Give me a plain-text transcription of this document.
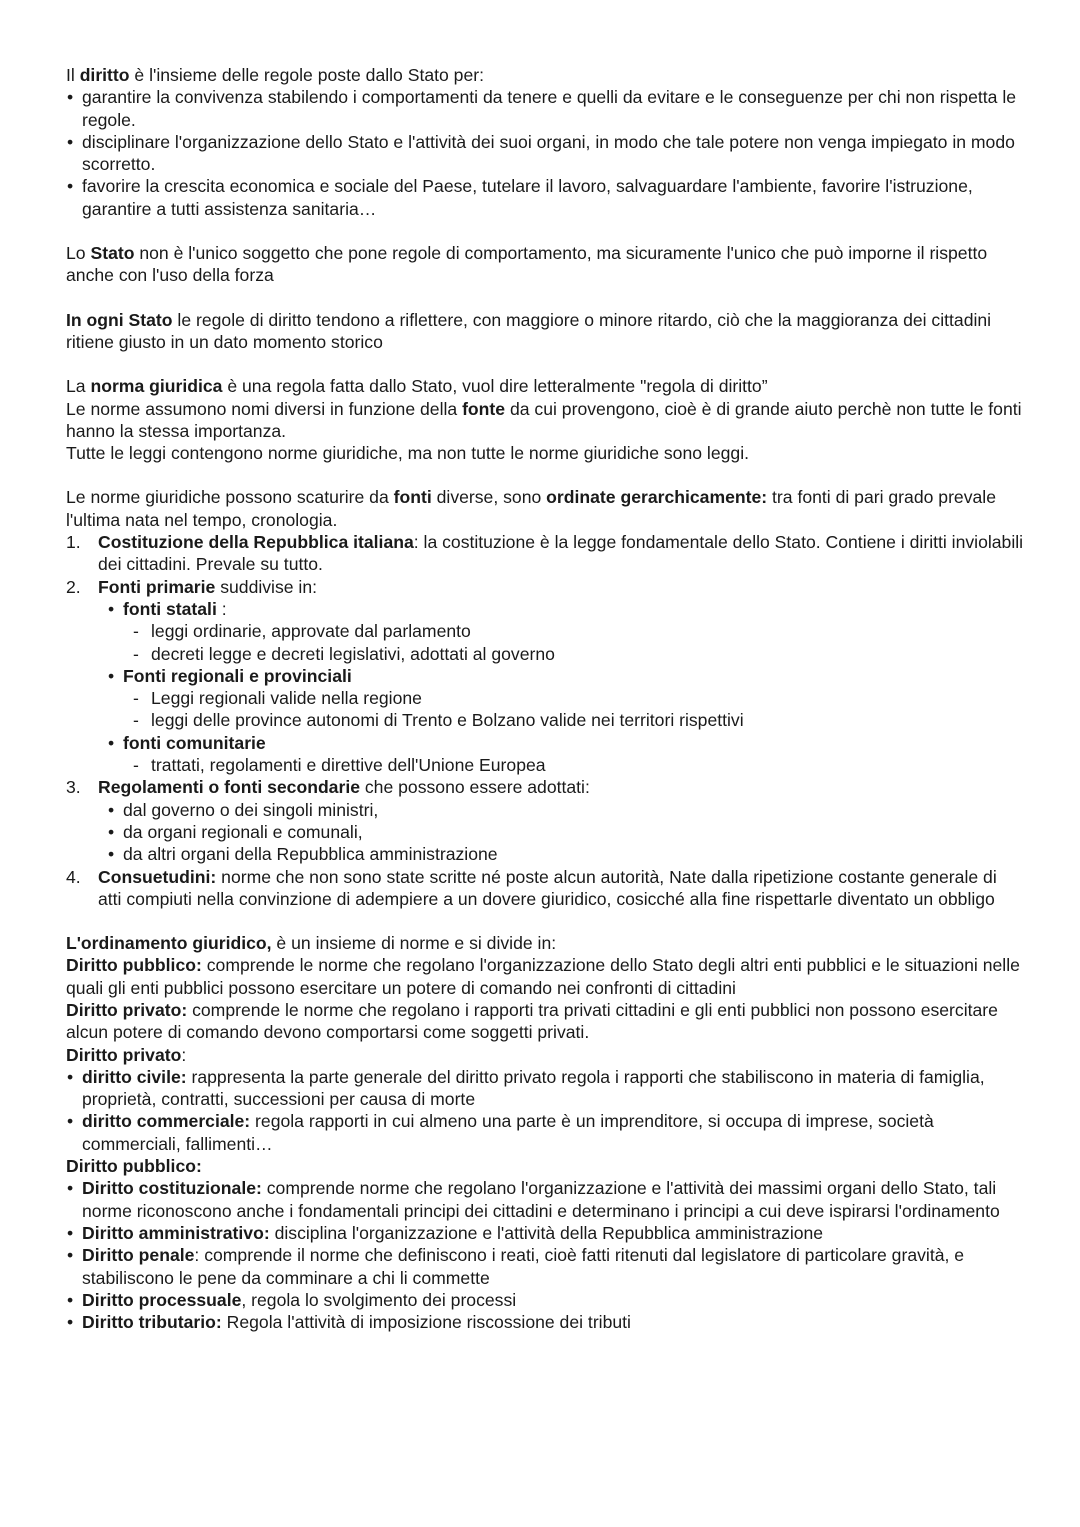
Il diritto è l'insieme delle regole poste dallo Stato per:

• garantire la convivenza stabilendo i comportamenti da tenere e quelli da evitare e le conseguenze per chi non rispetta le regole.
• disciplinare l'organizzazione dello Stato e l'attività dei suoi organi, in modo che tale potere non venga impiegato in modo scorretto.
• favorire la crescita economica e sociale del Paese, tutelare il lavoro, salvaguardare l'ambiente, favorire l'istruzione, garantire a tutti assistenza sanitaria…

Lo Stato non è l'unico soggetto che pone regole di comportamento, ma sicuramente l'unico che può imporne il rispetto anche con l'uso della forza

In ogni Stato le regole di diritto tendono a riflettere, con maggiore o minore ritardo, ciò che la maggioranza dei cittadini ritiene giusto in un dato momento storico

La norma giuridica è una regola fatta dallo Stato, vuol dire letteralmente "regola di diritto”

Le norme assumono nomi diversi in funzione della fonte da cui provengono, cioè è di grande aiuto perchè non tutte le fonti hanno la stessa importanza.

Tutte le leggi contengono norme giuridiche, ma non tutte le norme giuridiche sono leggi.

Le norme giuridiche possono scaturire da fonti diverse, sono ordinate gerarchicamente: tra fonti di pari grado prevale l'ultima nata nel tempo, cronologia.

1. Costituzione della Repubblica italiana: la costituzione è la legge fondamentale dello Stato. Contiene i diritti inviolabili dei cittadini. Prevale su tutto.
2. Fonti primarie suddivise in:
• fonti statali :
- leggi ordinarie, approvate dal parlamento
- decreti legge e decreti legislativi, adottati al governo
• Fonti regionali e provinciali
- Leggi regionali valide nella regione
- leggi delle province autonomi di Trento e Bolzano valide nei territori rispettivi
• fonti comunitarie
- trattati, regolamenti e direttive dell'Unione Europea
3. Regolamenti o fonti secondarie che possono essere adottati:
• dal governo o dei singoli ministri,
• da organi regionali e comunali,
• da altri organi della Repubblica amministrazione
4. Consuetudini: norme che non sono state scritte né poste alcun autorità, Nate dalla ripetizione costante generale di atti compiuti nella convinzione di adempiere a un dovere giuridico, cosicché alla fine rispettarle diventato un obbligo

L'ordinamento giuridico, è un insieme di norme e si divide in:

Diritto pubblico: comprende le norme che regolano l'organizzazione dello Stato degli altri enti pubblici e le situazioni nelle quali gli enti pubblici possono esercitare un potere di comando nei confronti di cittadini

Diritto privato: comprende le norme che regolano i rapporti tra privati cittadini e gli enti pubblici non possono esercitare alcun potere di comando devono comportarsi come soggetti privati.

Diritto privato:

• diritto civile: rappresenta la parte generale del diritto privato regola i rapporti che stabiliscono in materia di famiglia, proprietà, contratti, successioni per causa di morte
• diritto commerciale: regola rapporti in cui almeno una parte è un imprenditore, si occupa di imprese, società commerciali, fallimenti…

Diritto pubblico:

• Diritto costituzionale: comprende norme che regolano l'organizzazione e l'attività dei massimi organi dello Stato, tali norme riconoscono anche i fondamentali principi dei cittadini e determinano i principi a cui deve ispirarsi l'ordinamento
• Diritto amministrativo: disciplina l'organizzazione e l'attività della Repubblica amministrazione
• Diritto penale: comprende il norme che definiscono i reati, cioè fatti ritenuti dal legislatore di particolare gravità, e stabiliscono le pene da comminare a chi li commette
• Diritto processuale, regola lo svolgimento dei processi
• Diritto tributario: Regola l'attività di imposizione riscossione dei tributi
